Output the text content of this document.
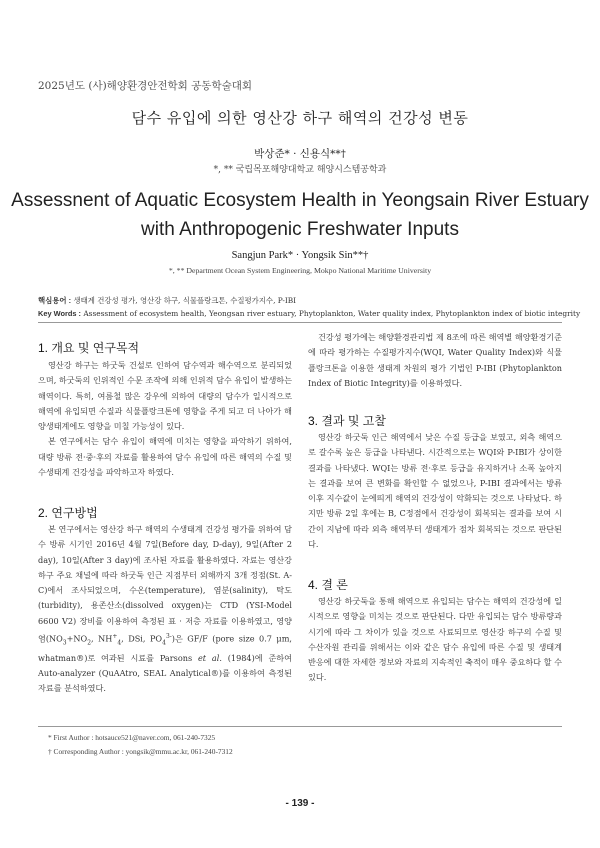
2025년도 (사)해양환경안전학회 공동학술대회
담수 유입에 의한 영산강 하구 해역의 건강성 변동
박상준* · 신용식**†
*, ** 국립목포해양대학교 해양시스템공학과
Assessnent of Aquatic Ecosystem Health in Yeongsain River Estuary
with Anthropogenic Freshwater Inputs
Sangjun Park* · Yongsik Sin**†
*, ** Department Ocean System Engineering, Mokpo National Maritime University
핵심용어 : 생태계 건강성 평가, 영산강 하구, 식물플랑크톤, 수질평가지수, P-IBI
Key Words : Assessment of ecosystem health, Yeongsan river estuary, Phytoplankton, Water quality index, Phytoplankton index of biotic integrity
1. 개요 및 연구목적

영산강 하구는 하굿둑 건설로 인하여 담수역과 해수역으로 분리되었으며, 하굿둑의 인위적인 수문 조작에 의해 인위적 담수 유입이 발생하는 해역이다. 특히, 여름철 많은 강우에 의하여 대량의 담수가 일시적으로 해역에 유입되면 수질과 식물플랑크톤에 영향을 주게 되고 더 나아가 해양생태계에도 영향을 미칠 가능성이 있다.

본 연구에서는 담수 유입이 해역에 미치는 영향을 파악하기 위하여, 대량 방류 전·중·후의 자료를 활용하여 담수 유입에 따른 해역의 수질 및 수생태계 건강성을 파악하고자 하였다.

2. 연구방법

본 연구에서는 영산강 하구 해역의 수생태계 건강성 평가를 위하여 담수 방류 시기인 2016년 4월 7일(Before day, D-day), 9일(After 2 day), 10일(After 3 day)에 조사된 자료를 활용하였다. 자료는 영산강 하구 주요 채널에 따라 하굿둑 인근 지점부터 외해까지 3개 정점(St. A-C)에서 조사되었으며, 수온(temperature), 염분(salinity), 탁도(turbidity), 용존산소(dissolved oxygen)는 CTD (YSI-Model 6600 V2) 장비를 이용하여 측정된 표 · 저층 자료를 이용하였고, 영양염($NO_3+NO_2$, $NH^+_4$, DSi, $PO_4^{3-}$)은 GF/F (pore size 0.7 μm, whatman®)로 여과된 시료를 Parsons et al. (1984)에 준하여 Auto-analyzer (QuAAtro, SEAL Analytical®)를 이용하여 측정된 자료를 분석하였다.

건강성 평가에는 해양환경관리법 제 8조에 따른 해역별 해양환경기준에 따라 평가하는 수질평가지수(WQI, Water Quality Index)와 식물플랑크톤을 이용한 생태계 차원의 평가 기법인 P-IBI (Phytoplankton Index of Biotic Integrity)를 이용하였다.

3. 결과 및 고찰

영산강 하굿둑 인근 해역에서 낮은 수질 등급을 보였고, 외측 해역으로 갈수록 높은 등급을 나타낸다. 시간적으로는 WQI와 P-IBI가 상이한 결과를 나타냈다. WQI는 방류 전·후로 등급을 유지하거나 소폭 높아지는 결과를 보여 큰 변화를 확인할 수 없었으나, P-IBI 결과에서는 방류 이후 지수값이 눈에띄게 해역의 건강성이 악화되는 것으로 나타났다. 하지만 방류 2일 후에는 B, C정점에서 건강성이 회복되는 결과를 보여 시간이 지남에 따라 외측 해역부터 생태계가 점차 회복되는 것으로 판단된다.

4. 결 론

영산강 하굿둑을 통해 해역으로 유입되는 담수는 해역의 건강성에 일시적으로 영향을 미치는 것으로 판단된다. 다만 유입되는 담수 방류량과 시기에 따라 그 차이가 있을 것으로 사료되므로 영산강 하구의 수질 및 수산자원 관리를 위해서는 이와 같은 담수 유입에 따른 수질 및 생태계 반응에 대한 자세한 정보와 자료의 지속적인 축적이 매우 중요하다 할 수 있다.

* First Author : hotsauce521@naver.com, 061-240-7325
† Corresponding Author : yongsik@mmu.ac.kr, 061-240-7312
- 139 -
